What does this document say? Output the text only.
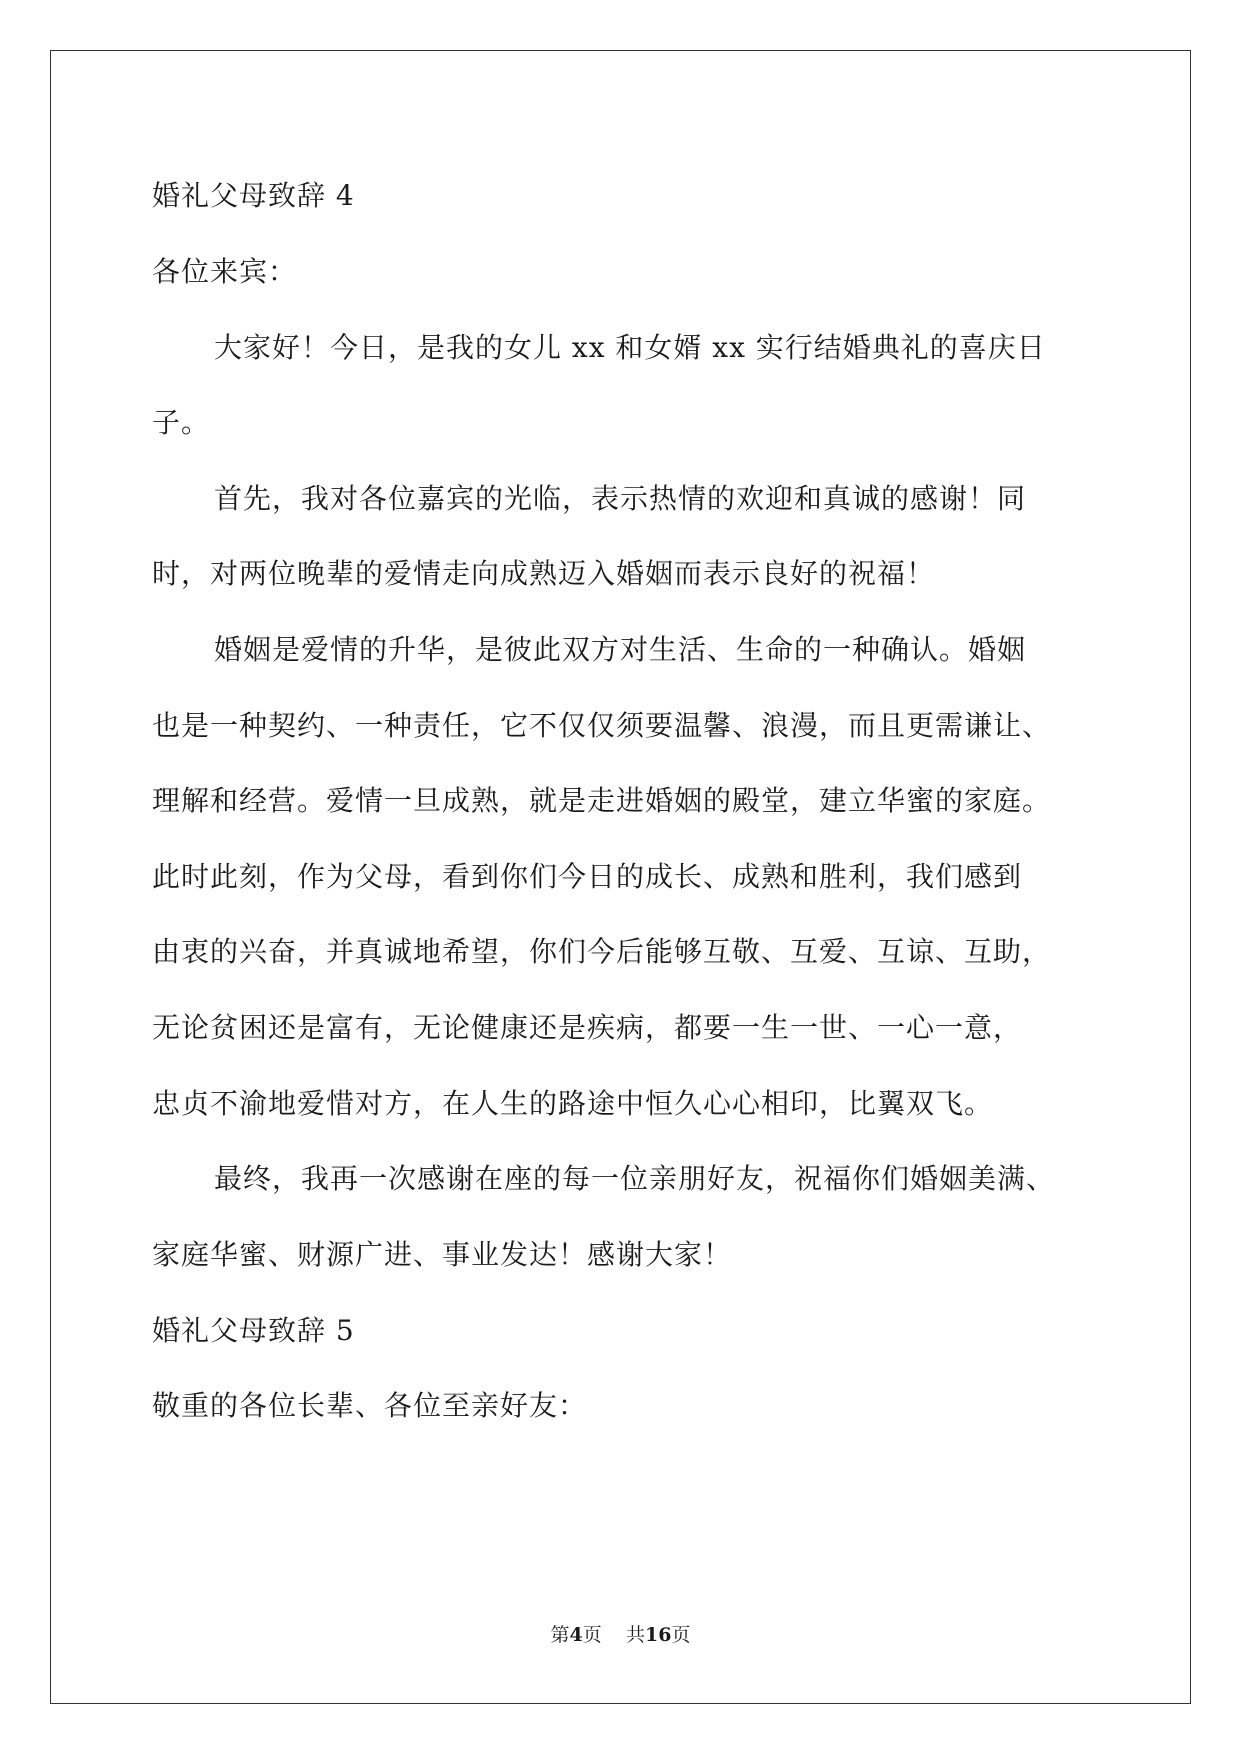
婚礼父母致辞 4
各位来宾：
大家好！今日，是我的女儿 xx 和女婿 xx 实行结婚典礼的喜庆日
子。
首先，我对各位嘉宾的光临，表示热情的欢迎和真诚的感谢！同
时，对两位晚辈的爱情走向成熟迈入婚姻而表示良好的祝福！
婚姻是爱情的升华，是彼此双方对生活、生命的一种确认。婚姻
也是一种契约、一种责任，它不仅仅须要温馨、浪漫，而且更需谦让、
理解和经营。爱情一旦成熟，就是走进婚姻的殿堂，建立华蜜的家庭。
此时此刻，作为父母，看到你们今日的成长、成熟和胜利，我们感到
由衷的兴奋，并真诚地希望，你们今后能够互敬、互爱、互谅、互助，
无论贫困还是富有，无论健康还是疾病，都要一生一世、一心一意，
忠贞不渝地爱惜对方，在人生的路途中恒久心心相印，比翼双飞。
最终，我再一次感谢在座的每一位亲朋好友，祝福你们婚姻美满、
家庭华蜜、财源广进、事业发达！感谢大家！
婚礼父母致辞 5
敬重的各位长辈、各位至亲好友：
第4页 共16页
